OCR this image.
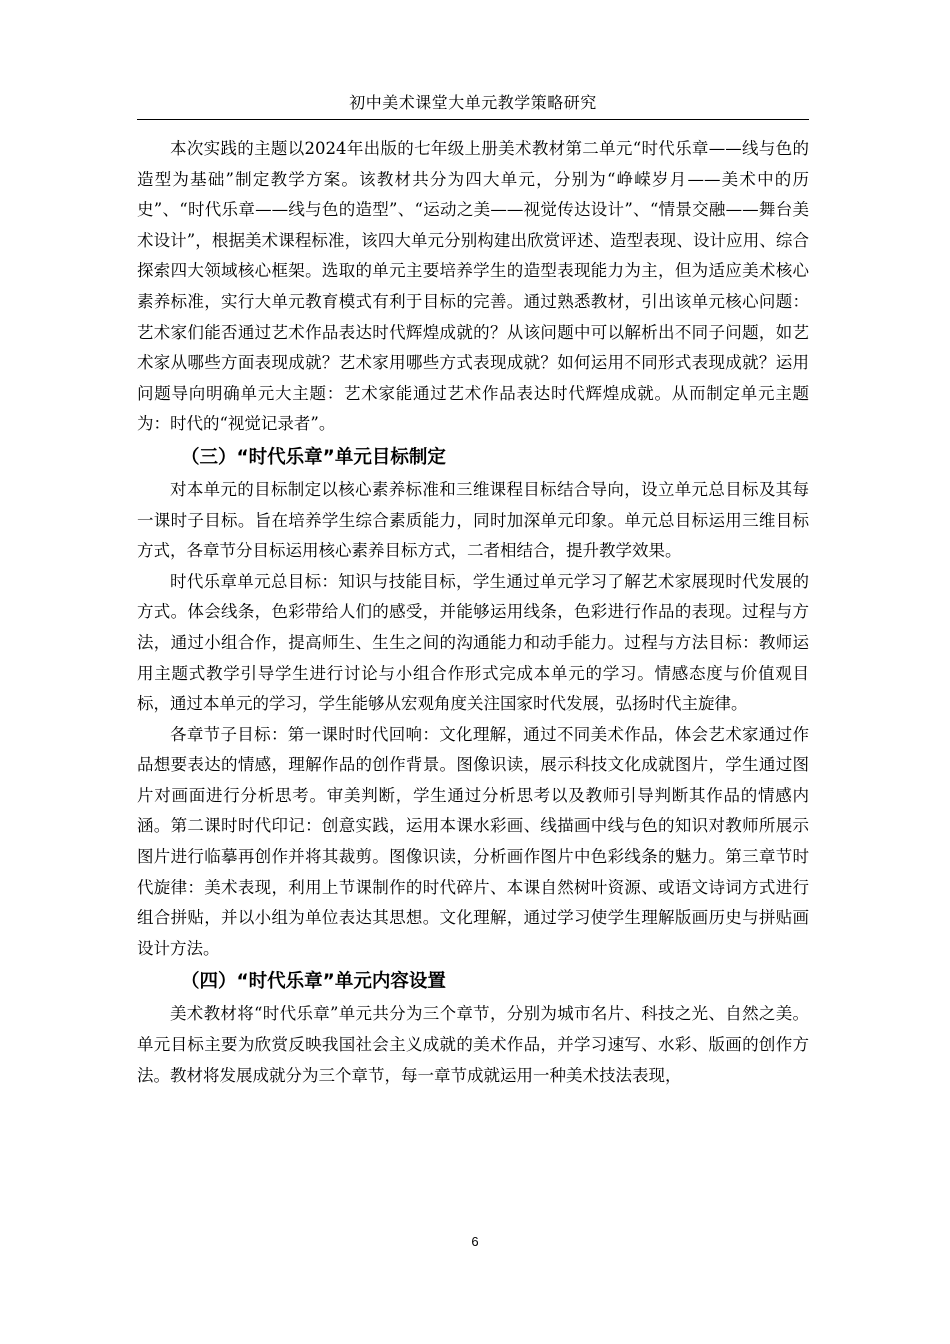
初中美术课堂大单元教学策略研究

本次实践的主题以2024年出版的七年级上册美术教材第二单元“时代乐章——线与色的造型为基础”制定教学方案。该教材共分为四大单元，分别为“峥嵘岁月——美术中的历史”、“时代乐章——线与色的造型”、“运动之美——视觉传达设计”、“情景交融——舞台美术设计”，根据美术课程标准，该四大单元分别构建出欣赏评述、造型表现、设计应用、综合探索四大领域核心框架。选取的单元主要培养学生的造型表现能力为主，但为适应美术核心素养标准，实行大单元教育模式有利于目标的完善。通过熟悉教材，引出该单元核心问题：艺术家们能否通过艺术作品表达时代辉煌成就的？从该问题中可以解析出不同子问题，如艺术家从哪些方面表现成就？艺术家用哪些方式表现成就？如何运用不同形式表现成就？运用问题导向明确单元大主题：艺术家能通过艺术作品表达时代辉煌成就。从而制定单元主题为：时代的“视觉记录者”。

（三）“时代乐章”单元目标制定

对本单元的目标制定以核心素养标准和三维课程目标结合导向，设立单元总目标及其每一课时子目标。旨在培养学生综合素质能力，同时加深单元印象。单元总目标运用三维目标方式，各章节分目标运用核心素养目标方式，二者相结合，提升教学效果。

时代乐章单元总目标：知识与技能目标，学生通过单元学习了解艺术家展现时代发展的方式。体会线条，色彩带给人们的感受，并能够运用线条，色彩进行作品的表现。过程与方法，通过小组合作，提高师生、生生之间的沟通能力和动手能力。过程与方法目标：教师运用主题式教学引导学生进行讨论与小组合作形式完成本单元的学习。情感态度与价值观目标，通过本单元的学习，学生能够从宏观角度关注国家时代发展，弘扬时代主旋律。

各章节子目标：第一课时时代回响：文化理解，通过不同美术作品，体会艺术家通过作品想要表达的情感，理解作品的创作背景。图像识读，展示科技文化成就图片，学生通过图片对画面进行分析思考。审美判断，学生通过分析思考以及教师引导判断其作品的情感内涵。第二课时时代印记：创意实践，运用本课水彩画、线描画中线与色的知识对教师所展示图片进行临摹再创作并将其裁剪。图像识读，分析画作图片中色彩线条的魅力。第三章节时代旋律：美术表现，利用上节课制作的时代碎片、本课自然树叶资源、或语文诗词方式进行组合拼贴，并以小组为单位表达其思想。文化理解，通过学习使学生理解版画历史与拼贴画设计方法。

（四）“时代乐章”单元内容设置

美术教材将“时代乐章”单元共分为三个章节，分别为城市名片、科技之光、自然之美。单元目标主要为欣赏反映我国社会主义成就的美术作品，并学习速写、水彩、版画的创作方法。教材将发展成就分为三个章节，每一章节成就运用一种美术技法表现，

6
